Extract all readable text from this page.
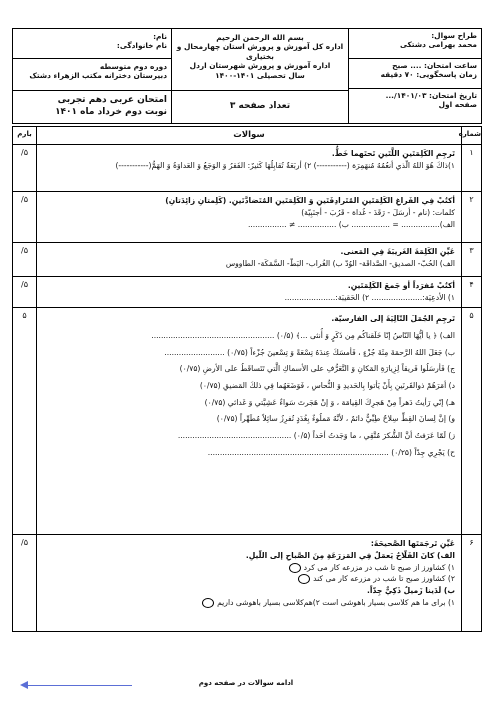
طراح سوال:
محمد بهرامی دشتکی
ساعت امتحان: .... صبح
زمان پاسخگویی: ۷۰ دقیقه
تاریخ امتحان: ۱۴۰۱/۰۳/...
صفحه اول
بسم الله الرحمن الرحیم
اداره کل آموزش و پرورش استان چهارمحال و بختیاری
اداره آموزش و پرورش شهرستان اردل
سال تحصیلی ۱۴۰۱-۱۴۰۰
تعداد صفحه ۳
نام:
نام خانوادگی:
دوره دوم متوسطه
دبیرستان دخترانه مکتب الزهراء دشتک
امتحان عربی دهم تجربی
نوبت دوم خرداد ماه ۱۴۰۱
شماره
سوالات
بارم
۱
تَرجِمِ الكَلِمَتَينِ اللَّتَينِ تَحتَهما خَطٌّ.
۱)ذاكَ هُوَ اللهُ الَّذي أنعُمُهُ مُنهَمِرَة (-----------) ۲) أربَعَةٌ تُقابِلُهَا كَثيرٌ: الفَقرُ وَ الوَجَعُ وَ العَداوَةُ وَ الهَمُّ(-----------)
/۵
۲
أكتُبْ فِي الفَراغِ الكَلِمَتَينِ المُتَرادِفَتَينِ وَ الكَلِمَتَينِ المُتَضادَّتَينِ. (كَلِمتانِ زائِدَتانِ)
كلمات: (نام - أرسَلَ - رَقَدَ - غُداة - قَرُبَ - أجنَبِيّة)
الف)................ = ................ ب) ................ ≠ ................
/۵
۳
عَيِّنِ الكَلِمَةَ الغَريبَةَ فِي المَعنى.
الف) الحُبّ- الصديق- الصَّداقَة- الوُدّ ب) الغُراب- البَطّ- السَّمَكَة- الطاووس
/۵
۴
أكتُبْ مُفرَداً أو جَمعَ الكَلِمَتَينِ.
۱) الأدعِيَة:..................... ۲) الحَقيبَة:.....................
/۵
۵
تَرجِمِ الجُمَلَ التّالِيَةَ إلى الفارسيّة.
الف) ﴿ يا أيُّهَا النّاسُ إنّا خَلَقناكُم مِن ذَكَرٍ وَ أُنثى ...﴾ (۰/۵) ...................................................
ب) جَعَلَ اللهُ الرَّحمَةَ مِئَةَ جُزْءٍ ، فَأمسَكَ عِندَهُ تِسْعَةً وَ تِسْعينَ جُزْءاً (۰/۷۵) .........................
ج) فَأرسَلُوا فَريقاً لِزِيارَةِ المَكانِ وَ التَّعَرُّفِ على الأسماكِ الَّتي تَتَساقَطُ على الأرضِ (۰/۷۵)
د) أمَرَهُمْ ذوالقَرنَينِ بِأَنْ يَأتوا بِالحَديدِ وَ النُّحاسِ ، فَوَضَعَهُما فِي ذلكَ المَضيقِ (۰/۷۵)
هـ) إنّي رَأيتُ دَهراً مِنْ هَجرِكَ القِيامَة ، وَ إنْ هَجَرتَ سَواءٌ عَشِيَّتي وَ غَدائي (۰/۷۵)
و) إنَّ لِسانَ القِطِّ سِلاحٌ طِبِّيٌّ دائمٌ ، لأنَّهُ مَملُوءٌ بِغُدَدٍ تُفرِزُ سائِلاً مُطَهِّراً (۰/۷۵)
ز) لَمّا عَرَفتُ أنَّ الشُّكرَ مُتَّقِي ، ما وَجَدتُ أحَداً (۰/۵) ...............................................
ح) يَجْرِي جِدّاً (۰/۲۵) ...........................................................................
۵
۶
عَيِّنِ تَرجَمَتَها الصَّحيحَةَ:
الف) كانَ الفَلّاحُ يَعمَلُ فِي المَزرَعَةِ مِنَ الصَّباحِ إلى اللَّيلِ.
۱) کشاورز از صبح تا شب در مزرعه کار می کرد
۲) کشاورز صبح تا شب در مزرعه کار می کند
ب) لَدَينا زَميلٌ ذَكِيٌّ جِدّاً.
۱) برای ما هم کلاسی بسیار باهوشی است ۲)هم‌کلاسی بسیار باهوشی داریم
/۵
ادامه سوالات در صفحه دوم
